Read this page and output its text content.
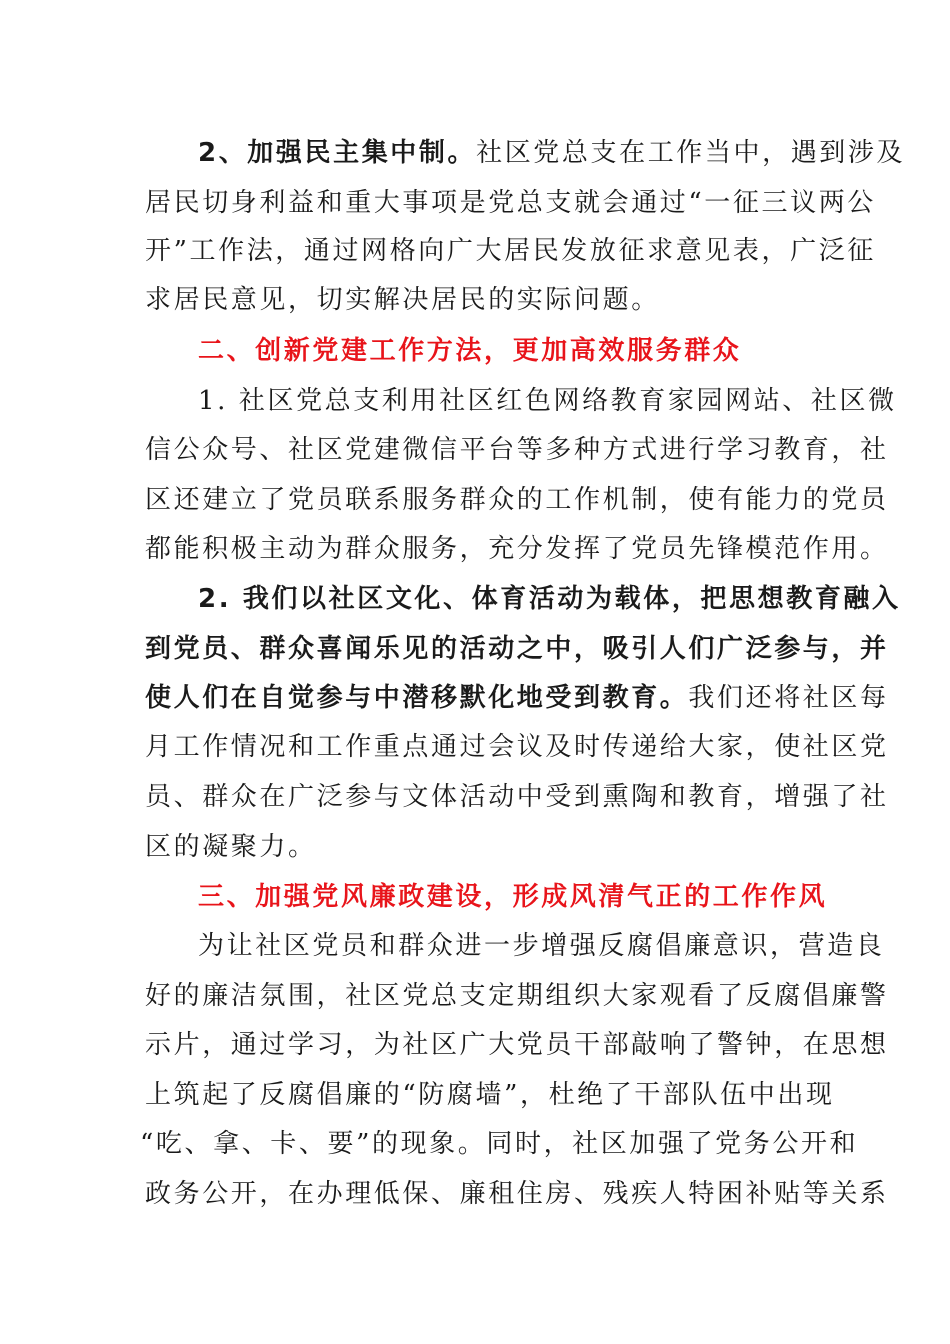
2、加强民主集中制。社区党总支在工作当中，遇到涉及
居民切身利益和重大事项是党总支就会通过“一征三议两公
开”工作法，通过网格向广大居民发放征求意见表，广泛征
求居民意见，切实解决居民的实际问题。
二、创新党建工作方法，更加高效服务群众
1. 社区党总支利用社区红色网络教育家园网站、社区微
信公众号、社区党建微信平台等多种方式进行学习教育，社
区还建立了党员联系服务群众的工作机制，使有能力的党员
都能积极主动为群众服务，充分发挥了党员先锋模范作用。
2. 我们以社区文化、体育活动为载体，把思想教育融入
到党员、群众喜闻乐见的活动之中，吸引人们广泛参与，并
使人们在自觉参与中潜移默化地受到教育。我们还将社区每
月工作情况和工作重点通过会议及时传递给大家，使社区党
员、群众在广泛参与文体活动中受到熏陶和教育，增强了社
区的凝聚力。
三、加强党风廉政建设，形成风清气正的工作作风
为让社区党员和群众进一步增强反腐倡廉意识，营造良
好的廉洁氛围，社区党总支定期组织大家观看了反腐倡廉警
示片，通过学习，为社区广大党员干部敲响了警钟，在思想
上筑起了反腐倡廉的“防腐墙”，杜绝了干部队伍中出现
“吃、拿、卡、要”的现象。同时，社区加强了党务公开和
政务公开，在办理低保、廉租住房、残疾人特困补贴等关系
